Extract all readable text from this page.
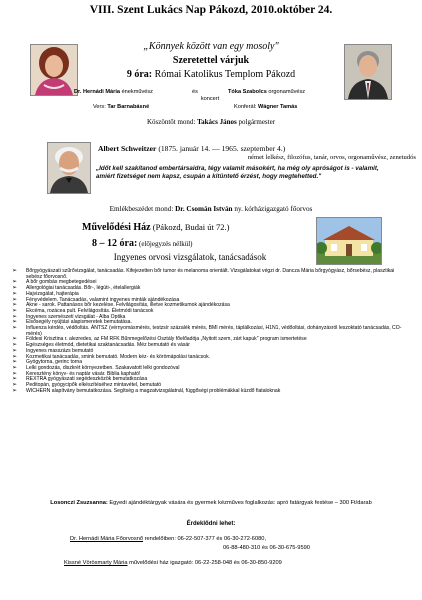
VIII. Szent Lukács Nap Pákozd, 2010.október 24.
„Könnyek között van egy mosoly"
Szeretettel várjuk
9 óra: Római Katolikus Templom Pákozd
Dr. Hernádi Mária énekművész	és	Tóka Szabolcs orgonaművész
koncert
Vers: Tar Barnabásné	Konferál: Wágner Tamás
Köszöntőt mond: Takács János polgármester
Albert Schweitzer (1875. január 14. — 1965. szeptember 4.)
német lelkész, filozófus, tanár, orvos, orgonaművész, zenetudós
„Időt kell szakítanod embertársaidra, tégy valamit másokért, ha még oly apróságot is - valamit, amiért fizetséget nem kapsz, csupán a kitüntető érzést, hogy megtehetted."
Emlékbeszédet mond: Dr. Csomán István ny. kórházigazgató főorvos
Művelődési Ház (Pákozd, Budai út 72.)
8 – 12 óra: (előjegyzés nélkül)
Ingyenes orvosi vizsgálatok, tanácsadások
➢	Bőrgyógyászati szűrővizsgálat, tanácsadás. Kifejezetten bőr tumor és melanoma orientált. Vizsgálatokat végzi dr. Dancza Mária bőrgyógyász, bőrsebész, plasztikai sebész főorvosnő.
➢	A bőr gombás megbetegedései
➢	Allergológiai tanácsadás. Bőr-, légúti-, ételallergiák
➢	Hajvizsgálat, hajterápia
➢	Fényvédelem. Tanácsadás, valamint ingyenes minták ajándékozása
➢	Akne - sarok. Pattanásos bőr kezelése. Felvilágosítás, illetve kozmetikumok ajándékozása
➢	Ekcéma, rozácea pult. Felvilágosítás. Életmódi tanácsok
➢	Ingyenes szemészeti vizsgálat - Alba Optika
➢	Elsősegély nyújtási alapismeretek bemutatása.
➢	Influenza kérdés, védőoltás. ÁNTSZ (vérnyomásmérés, testzsír százalék mérés, BMI mérés, táplálkozási, H1N1, védőoltási, dohányzásról leszoktató tanácsadás, CO-mérés)
➢	Földesi Krisztina r. alezredes, az FM RFK Bűnmegelőzési Osztály főelőadója „Nyitott szem, zárt kapuk" program ismertetése
➢	Egészséges életmód, dietetikai szaktanácsadás. Méz bemutató és vásár
➢	Ingyenes masszázs bemutató
➢	Kozmetikai tanácsadás, smink bemutató. Modern kéz- és körömápolási tanácsok.
➢	Gyógytorna, gerinc torna
➢	Lelki gondozás, diszkrét környezetben. Szakavatott lelki gondozóval
➢	Keresztény könyv- és naptár vásár. Biblia kapható!
➢	REXTRA gyógyászati segédeszközök bemutatkozása
➢	Peditopán, gyógycipők elkészítéséhez mintavétel, bemutató
➢	WICHERN alapítvány bemutatkozása. Segítség a magzatvizsgálatnál, függőségi problémákkal küzdő fiataloknak
Losonczi Zsuzsanna: Egyedi ajándéktárgyak vására és gyermek kézműves foglalkozás: apró fatárgyak festése – 300 Ft/darab
Érdeklődni lehet:
Dr. Hernádi Mária Főorvosnő rendelőiben: 06-22-507-377 és 06-30-272-6080,
06-88-480-310 és 06-30-675-9590
Kissné Vörösmarty Mária művelődési ház igazgató: 06-22-258-048 és 06-30-850-9209
